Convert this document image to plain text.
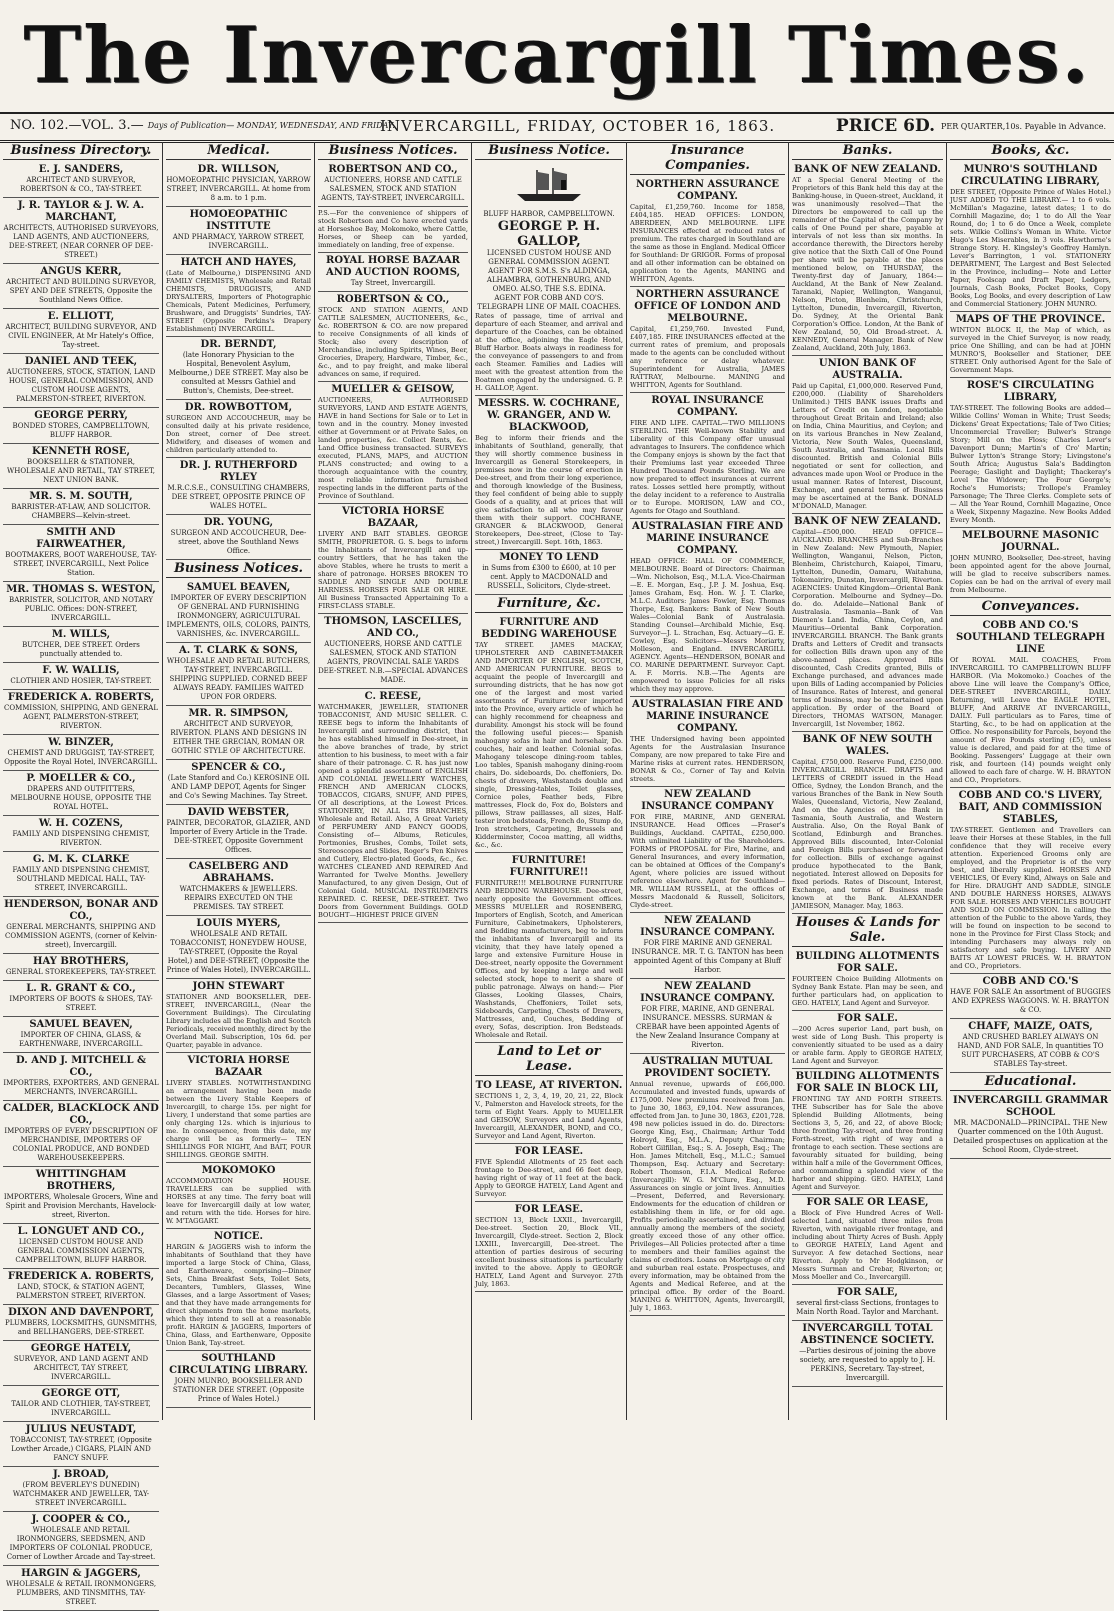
The Invercargill Times.
NO. 102.—VOL. 3.— Days of Publication— MONDAY, WEDNESDAY, AND FRIDAY.
INVERCARGILL, FRIDAY, OCTOBER 16, 1863.	PRICE 6D. PER QUARTER,10s. Payable in Advance.
Business Directory.
E. J. SANDERS,
ARCHITECT AND SURVEYOR, ROBERTSON & CO., TAY-STREET.
J. R. TAYLOR & J. W. A. MARCHANT,
ARCHITECTS, AUTHORISED SURVEYORS, LAND AGENTS, AND AUCTIONEERS, DEE-STREET, (NEAR CORNER OF DEE-STREET.)
ANGUS KERR,
ARCHITECT AND BUILDING SURVEYOR, SPEY AND DEE STREETS, Opposite the Southland News Office.
E. ELLIOTT,
ARCHITECT, BUILDING SURVEYOR, AND CIVIL ENGINEER, At Mr Hately's Office, Tay-street.
DANIEL AND TEEK,
AUCTIONEERS, STOCK, STATION, LAND HOUSE, GENERAL COMMISSION, AND CUSTOM HOUSE AGENTS, PALMERSTON-STREET, RIVERTON.
GEORGE PERRY,
BONDED STORES, CAMPBELLTOWN, BLUFF HARBOR.
KENNETH ROSE,
BOOKSELLER & STATIONER, WHOLESALE AND RETAIL, TAY STREET, NEXT UNION BANK.
MR. S. M. SOUTH,
BARRISTER-AT-LAW, AND SOLICITOR. CHAMBERS—Kelvin-street.
SMITH AND FAIRWEATHER,
BOOTMAKERS, BOOT WAREHOUSE, TAY-STREET, INVERCARGILL, Next Police Station.
MR. THOMAS S. WESTON,
BARRISTER, SOLICITOR, AND NOTARY PUBLIC. Offices: DON-STREET, INVERCARGILL.
M. WILLS,
BUTCHER, DEE STREET. Orders punctually attended to.
F. W. WALLIS,
CLOTHIER AND HOSIER, TAY-STREET.
FREDERICK A. ROBERTS,
COMMISSION, SHIPPING, AND GENERAL AGENT, PALMERSTON-STREET, RIVERTON.
W. BINZER,
CHEMIST AND DRUGGIST, TAY-STREET, Opposite the Royal Hotel, INVERCARGILL.
P. MOELLER & CO.,
DRAPERS AND OUTFITTERS, MELBOURNE HOUSE, OPPOSITE THE ROYAL HOTEL.
W. H. COZENS,
FAMILY AND DISPENSING CHEMIST, RIVERTON.
G. M. K. CLARKE
FAMILY AND DISPENSING CHEMIST, SOUTHLAND MEDICAL HALL, TAY-STREET, INVERCARGILL.
HENDERSON, BONAR AND CO.,
GENERAL MERCHANTS, SHIPPING AND COMMISSION AGENTS, (corner of Kelvin-street), Invercargill.
HAY BROTHERS,
GENERAL STOREKEEPERS, TAY-STREET.
L. R. GRANT & CO.,
IMPORTERS OF BOOTS & SHOES, TAY-STREET.
SAMUEL BEAVEN,
IMPORTER OF CHINA, GLASS, & EARTHENWARE, INVERCARGILL.
D. AND J. MITCHELL & CO.,
IMPORTERS, EXPORTERS, AND GENERAL MERCHANTS, INVERCARGILL.
CALDER, BLACKLOCK AND CO.,
IMPORTERS OF EVERY DESCRIPTION OF MERCHANDISE, IMPORTERS OF COLONIAL PRODUCE, AND BONDED WAREHOUSEKEEPERS.
WHITTINGHAM BROTHERS,
IMPORTERS, Wholesale Grocers, Wine and Spirit and Provision Merchants, Havelock-street, Riverton.
L. LONGUET AND CO.,
LICENSED CUSTOM HOUSE AND GENERAL COMMISSION AGENTS, CAMPBELLTOWN, BLUFF HARBOR.
FREDERICK A. ROBERTS,
LAND, STOCK, & STATION AGENT, PALMERSTON STREET, RIVERTON.
DIXON AND DAVENPORT,
PLUMBERS, LOCKSMITHS, GUNSMITHS, and BELLHANGERS, DEE-STREET.
GEORGE HATELY,
SURVEYOR, AND LAND AGENT AND ARCHITECT, TAY STREET, INVERCARGILL.
GEORGE OTT,
TAILOR AND CLOTHIER, TAY-STREET, INVERCARGILL.
JULIUS NEUSTADT,
TOBACCONIST, TAY-STREET, (Opposite Lowther Arcade,) CIGARS, PLAIN AND FANCY SNUFF.
J. BROAD,
(FROM BEVERLEY'S DUNEDIN) WATCHMAKER AND JEWELLER, TAY-STREET INVERCARGILL.
J. COOPER & CO.,
WHOLESALE AND RETAIL IRONMONGERS, SEEDSMEN, AND IMPORTERS OF COLONIAL PRODUCE, Corner of Lowther Arcade and Tay-street.
HARGIN & JAGGERS,
WHOLESALE & RETAIL IRONMONGERS, PLUMBERS, AND TINSMITHS, TAY-STREET.
Medical.
DR. WILLSON,
HOMOEOPATHIC PHYSICIAN, YARROW STREET, INVERCARGILL. At home from 8 a.m. to 1 p.m.
HOMOEOPATHIC INSTITUTE
AND PHARMACY, YARROW STREET, INVERCARGILL.
HATCH AND HAYES,
(Late of Melbourne,) DISPENSING AND FAMILY CHEMISTS, Wholesale and Retail CHEMISTS, DRUGGISTS, AND DRYSALTERS, Importers of Photographic Chemicals, Patent Medicines, Perfumery, Brushware, and Druggists' Sundries, TAY-STREET (Opposite Perkins's Drapery Establishment) INVERCARGILL.
DR. BERNDT,
(late Honorary Physician to the Hospital, Benevolent Asylum, Melbourne,) DEE STREET. May also be consulted at Messrs Gathiel and Button's, Chemists, Dee-street.
DR. ROWBOTTOM,
SURGEON AND ACCOUCHEUR, may be consulted daily at his private residence, Don street, corner of Dee street. Midwifery, and diseases of women and children particularly attended to.
DR. J. RUTHERFORD RYLEY
M.R.C.S.E., CONSULTING CHAMBERS, DEE STREET, OPPOSITE PRINCE OF WALES HOTEL.
DR. YOUNG,
SURGEON AND ACCOUCHEUR, Dee-street, above the Southland News Office.
Business Notices.
SAMUEL BEAVEN,
IMPORTER OF EVERY DESCRIPTION OF GENERAL AND FURNISHING IRONMONGERY, AGRICULTURAL IMPLEMENTS, OILS, COLORS, PAINTS, VARNISHES, &c. INVERCARGILL.
A. T. CLARK & SONS,
WHOLESALE AND RETAIL BUTCHERS, TAY-STREET, INVERCARGILL. SHIPPING SUPPLIED. CORNED BEEF ALWAYS READY. FAMILIES WAITED UPON FOR ORDERS.
MR. R. SIMPSON,
ARCHITECT AND SURVEYOR, RIVERTON. PLANS AND DESIGNS IN EITHER THE GRECIAN, ROMAN OR GOTHIC STYLE OF ARCHITECTURE.
SPENCER & CO.,
(Late Stanford and Co.) KEROSINE OIL AND LAMP DEPOT, Agents for Singer and Co's Sewing Machines. Tay Street.
DAVID WEBSTER,
PAINTER, DECORATOR, GLAZIER, AND Importer of Every Article in the Trade. DEE-STREET, Opposite Government Offices.
CASELBERG AND ABRAHAMS.
WATCHMAKERS & JEWELLERS. REPAIRS EXECUTED ON THE PREMISES. TAY STREET.
LOUIS MYERS,
WHOLESALE AND RETAIL TOBACCONIST, HONEYDEW HOUSE, TAY-STREET, (Opposite the Royal Hotel,) and DEE-STREET, (Opposite the Prince of Wales Hotel), INVERCARGILL.
JOHN STEWART
STATIONER AND BOOKSELLER, DEE-STREET, INVERCARGILL, (Near the Government Buildings). The Circulating Library includes all the English and Scotch Periodicals, received monthly, direct by the Overland Mail. Subscription, 10s 6d. per Quarter, payable in advance.
VICTORIA HORSE BAZAAR
LIVERY STABLES. NOTWITHSTANDING an arrangement having been made between the Livery Stable Keepers of Invercargill, to charge 15s. per night for Livery, I understand that some parties are only charging 12s. which is injurious to me. In consequence, from this date, my charge will be as formerly— TEN SHILLINGS FOR NIGHT, And BAIT, FOUR SHILLINGS. GEORGE SMITH.
MOKOMOKO
ACCOMMODATION HOUSE. TRAVELLERS can be supplied with HORSES at any time. The ferry boat will leave for Invercargill daily at low water, and return with the tide. Horses for hire. W. M'TAGGART.
NOTICE.
HARGIN & JAGGERS wish to inform the inhabitants of Southland that they have imported a large Stock of China, Glass, and Earthenware, comprising—Dinner Sets, China Breakfast Sets, Toilet Sets, Decanters, Tumblers, Glasses, Wine Glasses, and a large Assortment of Vases; and that they have made arrangements for direct shipments from the home markets, which they intend to sell at a reasonable profit. HARGIN & JAGGERS, Importers of China, Glass, and Earthenware, Opposite Union Bank, Tay-street.
SOUTHLAND CIRCULATING LIBRARY.
JOHN MUNRO, BOOKSELLER AND STATIONER DEE STREET. (Opposite Prince of Wales Hotel.)
Business Notices.
ROBERTSON AND CO.,
AUCTIONEERS, HORSE AND CATTLE SALESMEN, STOCK AND STATION AGENTS, TAY-STREET, INVERCARGILL.
P.S.—For the convenience of shippers of stock Robertson and Co have erected yards at Horseshoe Bay, Mokomoko, where Cattle, Horses, or Sheep can be yarded, immediately on landing, free of expense.
ROYAL HORSE BAZAAR AND AUCTION ROOMS,
Tay Street, Invercargill.
ROBERTSON & CO.,
STOCK AND STATION AGENTS, AND CATTLE SALESMEN, AUCTIONEERS, &c., &c. ROBERTSON & CO. are now prepared to receive Consignments of all kinds of Stock; also every description of Merchandise, including Spirits, Wines, Beer, Groceries, Drapery, Hardware, Timber, &c., &c., and to pay freight, and make liberal advances on same, if required.
MUELLER & GEISOW,
AUCTIONEERS, AUTHORISED SURVEYORS, LAND AND ESTATE AGENTS, HAVE in hand Sections for Sale or to Let in town and in the country. Money invested either at Government or at Private Sales, on landed properties, &c. Collect Rents, &c. Land Office business transacted. SURVEYS executed, PLANS, MAPS, and AUCTION PLANS constructed; and owing to a thorough acquaintance with the country, most reliable information furnished respecting lands in the different parts of the Province of Southland.
VICTORIA HORSE BAZAAR,
LIVERY AND BAIT STABLES. GEORGE SMITH, PROPRIETOR. G. S. begs to inform the Inhabitants of Invercargill and up-country Settlers, that he has taken the above Stables, where he trusts to merit a share of patronage. HORSES BROKEN TO SADDLE AND SINGLE AND DOUBLE HARNESS. HORSES FOR SALE OR HIRE. All Business Transacted Appertaining To a FIRST-CLASS STABLE.
THOMSON, LASCELLES, AND CO.,
AUCTIONEERS, HORSE AND CATTLE SALESMEN, STOCK AND STATION AGENTS, PROVINCIAL SALE YARDS DEE-STREET. N.B.—SPECIAL ADVANCES MADE.
C. REESE,
WATCHMAKER, JEWELLER, STATIONER TOBACCONIST, AND MUSIC SELLER. C. REESE begs to inform the Inhabitants of Invercargill and surrounding district, that he has established himself in Dee-street, in the above branches of trade, by strict attention to his business, to meet with a fair share of their patronage. C. R. has just now opened a splendid assortment of ENGLISH AND COLONIAL JEWELLERY WATCHES, FRENCH AND AMERICAN CLOCKS, TOBACCOS, CIGARS, SNUFF, AND PIPES, Of all descriptions, at the Lowest Prices. STATIONERY, IN ALL ITS BRANCHES, Wholesale and Retail. Also, A Great Variety of PERFUMERY AND FANCY GOODS, Consisting of— Albums, Reticules, Portmonies, Brushes, Combs, Toilet sets, Stereoscopes and Slides, Roger's Pen Knives and Cutlery, Electro-plated Goods, &c., &c. WATCHES CLEANED AND REPAIRED And Warranted for Twelve Months. Jewellery Manufactured, to any given Design, Out of Colonial Gold. MUSICAL INSTRUMENTS REPAIRED. C. REESE, DEE-STREET. Two Doors from Government Buildings. GOLD BOUGHT—HIGHEST PRICE GIVEN
Business Notice.
BLUFF HARBOR, CAMPBELLTOWN.
GEORGE P. H. GALLOP,
LICENSED CUSTOM HOUSE AND GENERAL COMMISSION AGENT.
AGENT FOR S.M.S. S's ALDINGA, ALHAMBRA, GOTHENBURG, AND OMEO. ALSO, THE S.S. EDINA.
AGENT FOR COBB AND CO'S. TELEGRAPH LINE OF MAIL COACHES.
Rates of passage, time of arrival and departure of each Steamer, and arrival and departure of the Coaches, can be obtained at the office, adjoining the Eagle Hotel, Bluff Harbor. Boats always in readiness for the conveyance of passengers to and from each Steamer. Families and Ladies will meet with the greatest attention from the Boatmen engaged by the undersigned. G. P. H. GALLOP, Agent.
MESSRS. W. COCHRANE, W. GRANGER, AND W. BLACKWOOD,
Beg to inform their friends and the inhabitants of Southland, generally, that they will shortly commence business in Invercargill as General Storekeepers, in premises now in the course of erection in Dee-street, and from their long experience, and thorough knowledge of the Business, they feel confident of being able to supply Goods of a quality, and at prices that will give satisfaction to all who may favour them with their support. COCHRANE, GRANGER & BLACKWOOD, General Storekeepers, Dee-street, (Close to Tay-street,) Invercargill. Sept. 16th, 1863.
MONEY TO LEND
in Sums from £300 to £600, at 10 per cent. Apply to MACDONALD and RUSSELL, Solicitors, Clyde-street.
Furniture, &c.
FURNITURE AND BEDDING WAREHOUSE
TAY STREET. JAMES MACKAY, UPHOLSTERER AND CABINET-MAKER AND IMPORTER OF ENGLISH, SCOTCH, AND AMERICAN FURNITURE. BEGS to acquaint the people of Invercargill and surrounding districts, that he has now got one of the largest and most varied assortments of Furniture ever imported into the Province, every article of which he can highly recommend for cheapness and durability. Amongst his stock will be found the following useful pieces:— Spanish mahogany sofas in hair and horsehair, Do. couches, hair and leather. Colonial sofas. Mahogany telescope dining-room tables, Loo tables, Spanish mahogany dining-room chairs, Do. sideboards, Do. cheffoniers, Do. chests of drawers, Washstands double and single, Dressing-tables, Toilet glasses, Cornice poles, Feather beds, Fibre mattresses, Flock do, Fox do, Bolsters and pillows, Straw paillasses, all sizes, Half-tester iron bedsteads, French do, Stump do, Iron stretchers, Carpeting, Brussels and Kidderminster, Cocoa matting, all widths, &c., &c.
FURNITURE! FURNITURE!!
FURNITURE!!! MELBOURNE FURNITURE AND BEDDING WAREHOUSE. Dee-street, nearly opposite the Government offices. MESSRS MUELLER and ROSENBERG, Importers of English, Scotch, and American Furniture, Cabinetmakers, Upholsterers, and Bedding manufacturers, beg to inform the inhabitants of Invercargill and its vicinity, that they have lately opened a large and extensive Furniture House in Dee-street, nearly opposite the Government Offices, and by keeping a large and well selected stock, hope to merit a share of public patronage. Always on hand:— Pier Glasses, Looking Glasses, Chairs, Washstands, Cheffoniers, Toilet sets, Sideboards, Carpeting, Chests of Drawers, Mattresses, and, Couches, Bedding of every, Sofas, description. Iron Bedsteads. Wholesale and Retail.
Land to Let or Lease.
TO LEASE, AT RIVERTON.
SECTIONS 1, 2, 3, 4, 19, 20, 21, 22, Block V., Palmerston and Havelock streets, for the term of Eight Years. Apply to MUELLER and GEISOW, Surveyors and Land Agents, Invercargill, ALEXANDER, BOND, and CO., Surveyor and Land Agent, Riverton.
FOR LEASE.
FIVE Splendid Allotments of 25 feet each frontage to Dee-street, and 66 feet deep, having right of way of 11 feet at the back. Apply to GEORGE HATELY, Land Agent and Surveyor.
FOR LEASE.
SECTION 13, Block LXXII., Invercargill, Dee-street. Section 20, Block VII., Invercargill, Clyde-street. Section 2, Block LXXIII., Invercargill, Dee-street. The attention of parties desirous of securing excellent business situations is particularly invited to the above. Apply to GEORGE HATELY, Land Agent and Surveyor. 27th July, 1863.
Insurance Companies.
NORTHERN ASSURANCE COMPANY.
Capital, £1,259,760. Income for 1858, £404,185. HEAD OFFICES: LONDON, ABERDEEN, AND MELBOURNE. LIFE INSURANCES effected at reduced rates of premium. The rates charged in Southland are the same as those in England. Medical Officer for Southland: Dr GRIGOR. Forms of proposal and all other information can be obtained on application to the Agents, MANING and WHITTON, Agents.
NORTHERN ASSURANCE OFFICE OF LONDON AND MELBOURNE.
Capital, £1,259,760. Invested Fund, £407,185. FIRE INSURANCES effected at the current rates of premium, and proposals made to the agents can be concluded without any reference or delay whatever. Superintendent for Australia, JAMES RATTRAY, Melbourne. MANING and WHITTON, Agents for Southland.
ROYAL INSURANCE COMPANY.
FIRE AND LIFE. CAPITAL—TWO MILLIONS STERLING. THE Well-known Stability and Liberality of this Company offer unusual advantages to Insurers. The confidence which the Company enjoys is shown by the fact that their Premiums last year exceeded Three Hundred Thousand Pounds Sterling. We are now prepared to effect insurances at current rates. Losses settled here promptly, without the delay incident to a reference to Australia or to Europe. MORISON, LAW and CO., Agents for Otago and Southland.
AUSTRALASIAN FIRE AND MARINE INSURANCE COMPANY.
HEAD OFFICE: HALL OF COMMERCE, MELBOURNE. Board of Directors: Chairman—Wm. Nicholson, Esq., M.L.A. Vice-Chairman—E. E. Morgan, Esq., J.P. J. M. Joshua, Esq. James Graham, Esq. Hon. W. J. T. Clarke, M.L.C. Auditors: James Fowler, Esq. Thomas Thorpe, Esq. Bankers: Bank of New South Wales—Colonial Bank of Australasia. Standing Counsel—Archibald Michie, Esq. Surveyor—J. L. Strachan, Esq. Actuary—G. E. Cowley, Esq. Solicitors—Messrs Moriarty, Molleson, and England. INVERCARGILL AGENCY. Agents—HENDERSON, BONAR and CO. MARINE DEPARTMENT. Surveyor. Capt. A. F. Morris. N.B.—The Agents are empowered to issue Policies for all risks which they may approve.
AUSTRALASIAN FIRE AND MARINE INSURANCE COMPANY.
THE Undersigned having been appointed Agents for the Australasian Insurance Company, are now prepared to take Fire and Marine risks at current rates. HENDERSON, BONAR & Co., Corner of Tay and Kelvin streets.
NEW ZEALAND INSURANCE COMPANY
FOR FIRE, MARINE, AND GENERAL INSURANCE. Head Offices —Fraser's Buildings, Auckland. CAPITAL, £250,000. With unlimited Liability of the Shareholders. FORMS of PROPOSAL for Fire, Marine, and General Insurances, and every information, can be obtained at Offices of the Company's Agent, where policies are issued without reference elsewhere. Agent for Southland— MR. WILLIAM RUSSELL, at the offices of Messrs Macdonald & Russell, Solicitors, Clyde-street.
NEW ZEALAND INSURANCE COMPANY.
FOR FIRE MARINE AND GENERAL INSURANCE. MR. T. G. TANTON has been appointed Agent of this Company at Bluff Harbor.
NEW ZEALAND INSURANCE COMPANY.
FOR FIRE, MARINE, AND GENERAL INSURANCE. MESSRS. SURMAN & CREBAR have been appointed Agents of the New Zealand Insurance Company at Riverton.
AUSTRALIAN MUTUAL PROVIDENT SOCIETY.
Annual revenue, upwards of £66,000. Accumulated and invested funds, upwards of £175,000. New premiums received from Jan. to June 30, 1863, £9,104. New assurances, effected from Jan. to June 30, 1863, £201,728. 498 new policies issued in do. do. Directors: George King, Esq., Chairman; Arthur Todd Holroyd, Esq., M.L.A., Deputy Chairman; Robert Gilfillan, Esq.; S. A. Joseph, Esq.; The Hon. James Mitchell, Esq., M.L.C.; Samuel Thompson, Esq. Actuary and Secretary: Robert Thomson, F.I.A. Medical Referee (Invercargill): W. G. M'Clure, Esq., M.D. Assurances on single or joint lives. Annuities—Present, Deferred, and Reversionary. Endowments for the education of children or establishing them in life, or for old age. Profits periodically ascertained, and divided annually among the members of the society, greatly exceed those of any other office. Privileges—All Policies protected after a time to members and their families against the claims of creditors. Loans on Mortgage of city and suburban real estate. Prospectuses, and every information, may be obtained from the Agents and Medical Referee, and at the principal office. By order of the Board. MANING & WHITTON, Agents, Invercargill, July 1, 1863.
Banks.
BANK OF NEW ZEALAND.
AT a Special General Meeting of the Proprietors of this Bank held this day at the Banking-house, in Queen-street, Auckland, it was unanimously resolved—That the Directors be empowered to call up the remainder of the Capital of the Company by calls of One Pound per share, payable at intervals of not less than six months. In accordance therewith, the Directors hereby give notice that the Sixth Call of One Pound per share will be payable at the places mentioned below, on THURSDAY, the Twenty-first day of January, 1864:— Auckland, At the Bank of New Zealand. Taranaki, Napier, Wellington, Wanganui, Nelson, Picton, Blenheim, Christchurch, Lyttelton, Dunedin, Invercargill, Riverton, Do. Sydney, At the Oriental Bank Corporation's Office. London, At the Bank of New Zealand, 50, Old Broad-street. A. KENNEDY, General Manager. Bank of New Zealand, Auckland, 20th July, 1863.
UNION BANK OF AUSTRALIA.
Paid up Capital, £1,000,000. Reserved Fund, £200,000. (Liability of Shareholders Unlimited.) THIS BANK issues Drafts and Letters of Credit on London, negotiable throughout Great Britain and Ireland; also on India, China Mauritius, and Ceylon; and on its various Branches in New Zealand, Victoria, New South Wales, Queensland, South Australia, and Tasmania. Local Bills discounted. British and Colonial Bills negotiated or sent for collection, and advances made upon Wool or Produce in the usual manner. Rates of Interest, Discount, Exchange, and general terms of Business may be ascertained at the Bank. DONALD M'DONALD, Manager.
BANK OF NEW ZEALAND.
Capital—£500,000. HEAD OFFICE—AUCKLAND. BRANCHES and Sub-Branches in New Zealand: New Plymouth, Napier, Wellington, Wanganui, Nelson, Picton, Blenheim, Christchurch, Kaiapoi, Timaru, Lyttelton, Dunedin, Oamaru, Waitahuna, Tokomairiro, Dunstan, Invercargill, Riverton. AGENCIES: United Kingdom—Oriental Bank Corporation. Melbourne and Sydney—Do. do. do. Adelaide—National Bank of Australasia. Tasmania—Bank of Van Diemen's Land. India, China, Ceylon, and Mauritius—Oriental Bank Corporation. INVERCARGILL BRANCH. The Bank grants Drafts and Letters of Credit and transacts for collection Bills drawn upon any of the above-named places. Approved Bills discounted, Cash Credits granted, Bills of Exchange purchased, and advances made upon Bills of Lading accompanied by Policies of Insurance. Rates of Interest, and general terms of business, may be ascertained upon application. By order of the Board of Directors, THOMAS WATSON, Manager. Invercargill, 1st November, 1862.
BANK OF NEW SOUTH WALES.
Capital, £750,000. Reserve Fund, £250,000. INVERCARGILL BRANCH. DRAFTS and LETTERS of CREDIT issued in the Head Office, Sydney, the London Branch, and the various Branches of the Bank in New South Wales, Queensland, Victoria, New Zealand, And on the Agencies of the Bank in Tasmania, South Australia, and Western Australia. Also, On the Royal Bank of Scotland, Edinburgh and Branches. Approved Bills discounted, Inter-Colonial and Foreign Bills purchased or forwarded for collection. Bills of exchange against produce hypothecated to the Bank, negotiated. Interest allowed on Deposits for fixed periods. Rates of Discount, Interest, Exchange, and terms of Business made known at the Bank. ALEXANDER JAMIESON, Manager. May, 1863.
Houses & Lands for Sale.
BUILDING ALLOTMENTS FOR SALE.
FOURTEEN Choice Building Allotments on Sydney Bank Estate. Plan may be seen, and further particulars had, on application to GEO. HATELY, Land Agent and Surveyor.
FOR SALE.
—200 Acres superior Land, part bush, on west side of Long Bush. This property is conveniently situated to be used as a dairy or arable farm. Apply to GEORGE HATELY, Land Agent and Surveyor.
BUILDING ALLOTMENTS FOR SALE IN BLOCK LII,
FRONTING TAY AND FORTH STREETS. THE Subscriber has for Sale the above Splendid Building Allotments, being Sections 3, 5, 26, and 22, of above Block; three fronting Tay-street, and three fronting Forth-street, with right of way and a frontage to each section. These sections are favourably situated for building, being within half a mile of the Government Offices, and commanding a splendid view of the harbor and shipping. GEO. HATELY, Land Agent and Surveyor.
FOR SALE OR LEASE,
a Block of Five Hundred Acres of Well-selected Land, situated three miles from Riverton, with navigable river frontage, and including about Thirty Acres of Bush. Apply to GEORGE HATELY, Land Agent and Surveyor. A few detached Sections, near Riverton. Apply to Mr Hodgkinson, or Messrs Surman and Crebar, Riverton; or, Moss Moeller and Co., Invercargill.
FOR SALE,
several first-class Sections, frontages to Main North Road. Taylor and Marchant.
INVERCARGILL TOTAL ABSTINENCE SOCIETY.
—Parties desirous of joining the above society, are requested to apply to J. H. PERKINS, Secretary. Tay-street, Invercargill.
Books, &c.
MUNRO'S SOUTHLAND CIRCULATING LIBRARY,
DEE STREET, (Opposite Prince of Wales Hotel.) JUST ADDED TO THE LIBRARY.— 1 to 6 vols. McMillan's Magazine, latest dates; 1 to do Cornhill Magazine, do; 1 to do All the Year Round, do; 1 to 6 do Once a Week, complete sets. Wilkie Collins's Woman in White. Victor Hugo's Les Miserables, in 3 vols. Hawthorne's Strange Story. H. Kingsley's Geoffrey Hamlyn. Lever's Barrington, 1 vol. STATIONERY DEPARTMENT, The Largest and Best Selected in the Province, including— Note and Letter Paper, Foolscap and Draft Paper, Ledgers, Journals, Cash Books, Pocket Books, Copy Books, Log Books, and every description of Law and Commercial Stationery. JOHN MUNRO.
MAPS OF THE PROVINCE.
WINTON BLOCK II, the Map of which, as surveyed in the Chief Surveyor, is now ready, price One Shilling, and can be had at JOHN MUNRO'S, Bookseller and Stationer, DEE STREET. Only authorised Agent for the Sale of Government Maps.
ROSE'S CIRCULATING LIBRARY,
TAY-STREET. The following Books are added— Wilkie Collins' Woman in White; Trust Seeds; Dickens' Great Expectations; Tale of Two Cities; Uncommercial Traveller; Bulwer's Strange Story; Mill on the Floss; Charles Lever's Davenport Dunn; Martin's of Cro' Martin; Bulwer Lytton's Strange Story; Livingstone's South Africa; Augustus Sala's Baddington Peerage; Gaslight and Daylight; Thackeray's Lovel The Widower; The Four George's; Roche's Humorists; Trollope's Framley Parsonage; The Three Clerks. Complete sets of— All the Year Round, Cornhill Magazine, Once a Week, Sixpenny Magazine. New Books Added Every Month.
MELBOURNE MASONIC JOURNAL.
JOHN MUNRO, Bookseller, Dee-street, having been appointed agent for the above Journal, will be glad to receive subscribers names. Copies can be had on the arrival of every mail from Melbourne.
Conveyances.
COBB AND CO.'S SOUTHLAND TELEGRAPH LINE
Of ROYAL MAIL COACHES, From INVERCARGILL TO CAMPBELLTOWN BLUFF HARBOR. (Via Mokomoko.) Coaches of the above Line will leave the Company's Office, DEE-STREET INVERCARGILL, DAILY. Returning, will Leave the EAGLE HOTEL, BLUFF, And ARRIVE AT INVERCARGILL, DAILY. Full particulars as to Fares, time of Starting, &c., to be had on application at the Office. No responsibility for Parcels, beyond the amount of Five Pounds sterling (£5), unless value is declared, and paid for at the time of Booking. Passengers' Luggage at their own risk, and fourteen (14) pounds weight only allowed to each fare of charge. W. H. BRAYTON and CO., Proprietors.
COBB AND CO.'S LIVERY, BAIT, AND COMMISSION STABLES,
TAY-STREET. Gentlemen and Travellers can leave their Horses at these Stables, in the full confidence that they will receive every attention. Experienced Grooms only are employed, and the Proprietor is of the very best, and liberally supplied. HORSES AND VEHICLES, Of Every Kind, Always on Sale and for Hire. DRAUGHT AND SADDLE, SINGLE AND DOUBLE HARNESS HORSES, ALWAYS FOR SALE. HORSES AND VEHICLES BOUGHT AND SOLD ON COMMISSION. In calling the attention of the Public to the above Yards, they will be found on inspection to be second to none in the Province for First Class Stock; and intending Purchasers may always rely on satisfactory and safe buying. LIVERY AND BAITS AT LOWEST PRICES. W. H. BRAYTON and CO., Proprietors.
COBB AND CO.'S
HAVE FOR SALE An assortment of BUGGIES AND EXPRESS WAGGONS. W. H. BRAYTON & CO.
CHAFF, MAIZE, OATS,
AND CRUSHED BARLEY ALWAYS ON HAND, AND FOR SALE, In quantities TO SUIT PURCHASERS, AT COBB & CO'S STABLES Tay-street.
Educational.
INVERCARGILL GRAMMAR SCHOOL
MR. MACDONALD—PRINCIPAL. THE New Quarter commenced on the 10th August. Detailed prospectuses on application at the School Room, Clyde-street.
